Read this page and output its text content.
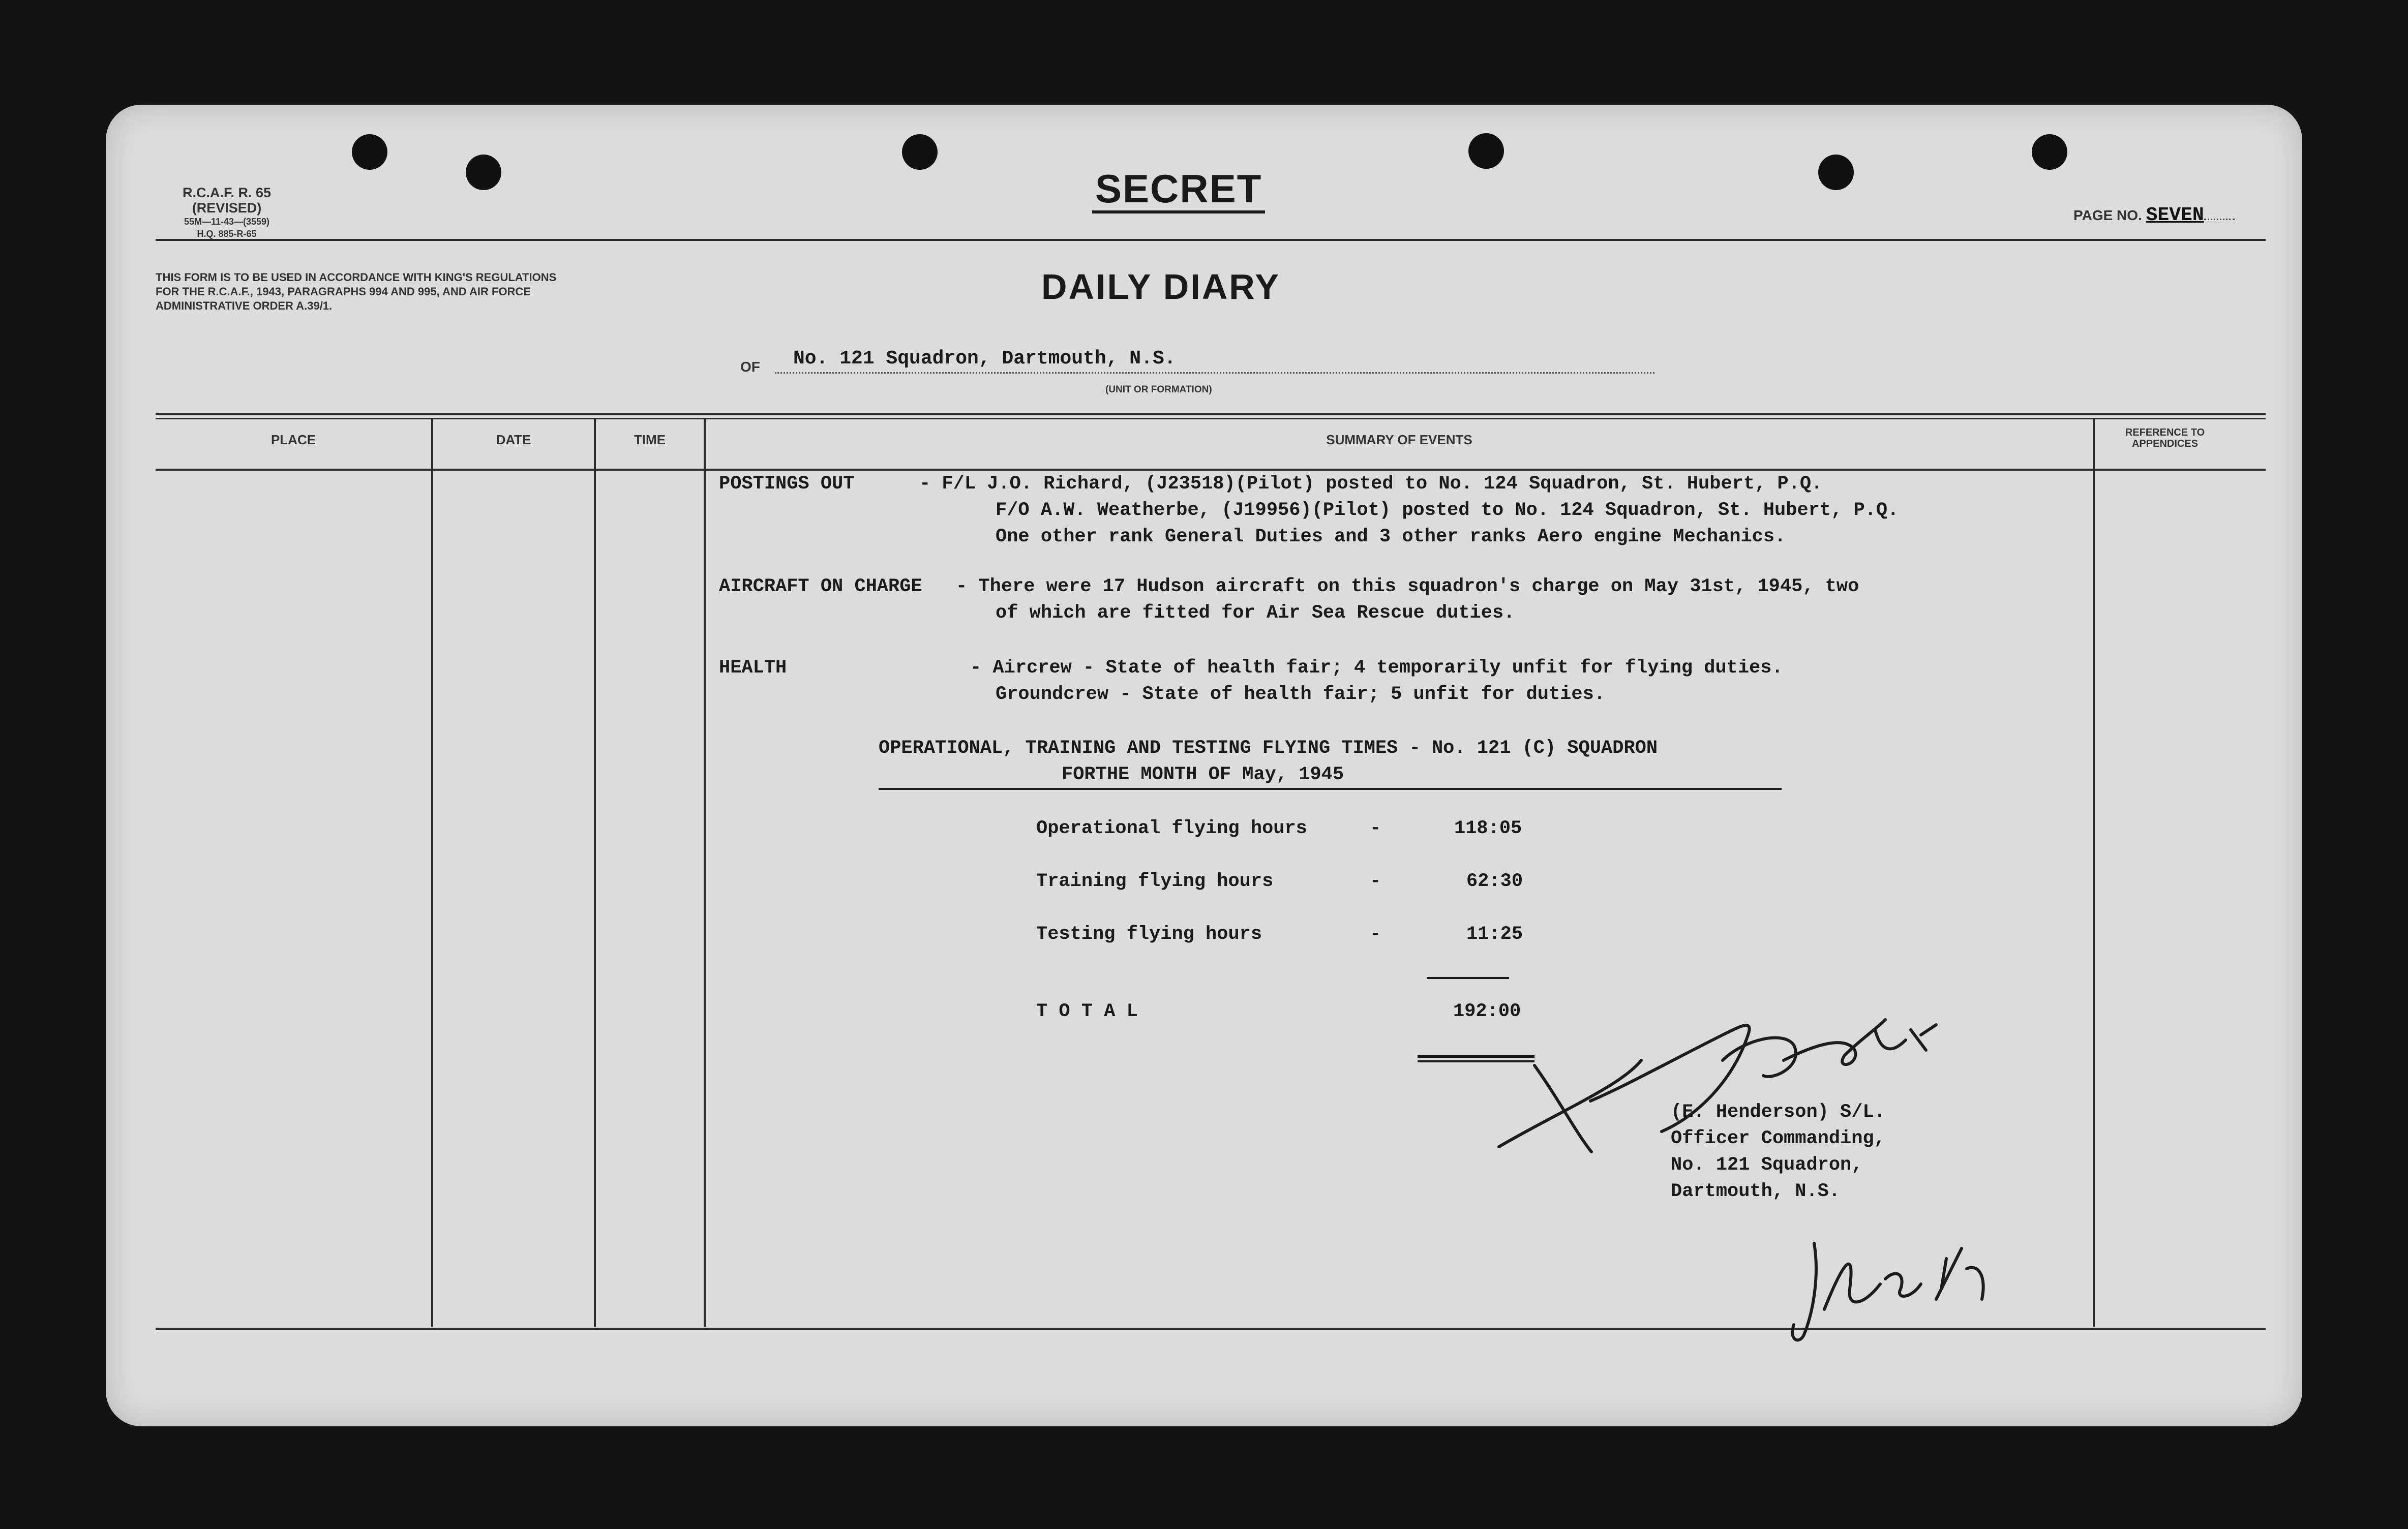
R.C.A.F. R. 65 (REVISED)
55M—11-43—(3559)
H.Q. 885-R-65
SECRET
PAGE NO. SEVEN
THIS FORM IS TO BE USED IN ACCORDANCE WITH KING'S REGULATIONS FOR THE R.C.A.F., 1943, PARAGRAPHS 994 AND 995, AND AIR FORCE ADMINISTRATIVE ORDER A.39/1.	DAILY DIARY
OF No. 121 Squadron, Dartmouth, N.S.
(UNIT OR FORMATION)
PLACE	DATE	TIME	SUMMARY OF EVENTS	REFERENCE TO APPENDICES
POSTINGS OUT	- F/L J.O. Richard, (J23518)(Pilot) posted to No. 124 Squadron, St. Hubert, P.Q.
F/O A.W. Weatherbe, (J19956)(Pilot) posted to No. 124 Squadron, St. Hubert, P.Q.
One other rank General Duties and 3 other ranks Aero engine Mechanics.
AIRCRAFT ON CHARGE - There were 17 Hudson aircraft on this squadron's charge on May 31st, 1945, two
of which are fitted for Air Sea Rescue duties.
HEALTH	- Aircrew - State of health fair; 4 temporarily unfit for flying duties.
Groundcrew - State of health fair; 5 unfit for duties.
OPERATIONAL, TRAINING AND TESTING FLYING TIMES - No. 121 (C) SQUADRON
FORTHE MONTH OF May, 1945
Operational flying hours	-	118:05
Training flying hours	-	62:30
Testing flying hours	-	11:25
T O T A L	192:00
(E. Henderson) S/L.
Officer Commanding,
No. 121 Squadron,
Dartmouth, N.S.
